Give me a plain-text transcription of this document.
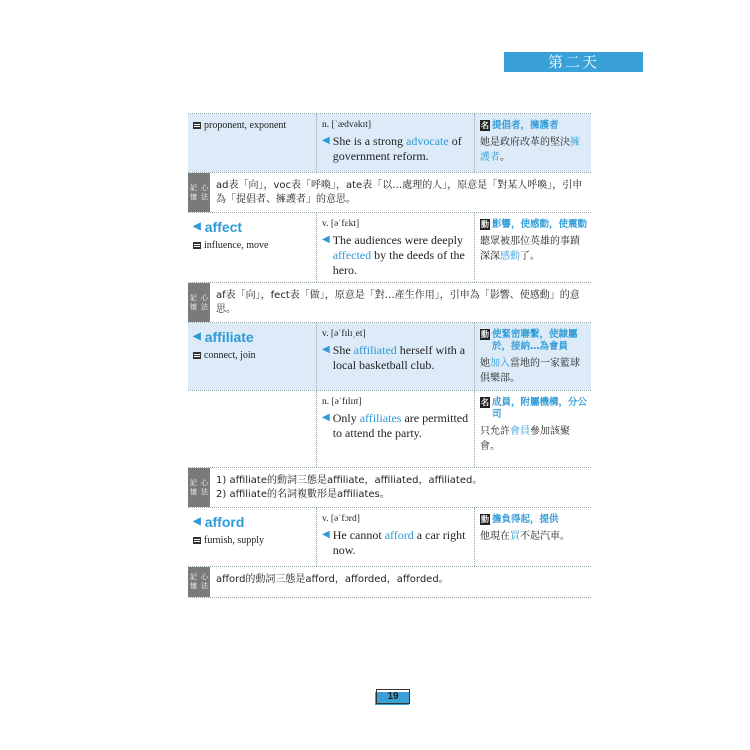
第二天
proponent, exponent	n. [ˈædvəkɪt]
◀ She is a strong advocate of government reform.
名 提倡者，擁護者
她是政府改革的堅決擁護者。
記憶

心法
ad表「向」，voc表「呼喚」，ate表「以…處理的人」，原意是「對某人呼喚」，引申為「提倡者、擁護者」的意思。
◀ affect
influence, move
v. [əˈfɛkt]
◀ The audiences were deeply affected by the deeds of the hero.
動 影響，使感動，使震動
聽眾被那位英雄的事蹟深深感動了。
記憶

心法
af表「向」，fect表「做」，原意是「對…產生作用」，引申為「影響、使感動」的意思。
◀ affiliate
connect, join
v. [əˈfɪlɪˌet]
◀ She affiliated herself with a local basketball club.
動 使緊密聯繫，使隸屬於，接納…為會員
她加入當地的一家籃球俱樂部。
n. [əˈfɪlɪɪt]
◀ Only affiliates are permitted to attend the party.
名 成員，附屬機構，分公司
只允許會員參加該聚會。
記憶

心法
1) affiliate的動詞三態是affiliate，affiliated，affiliated。
2) affiliate的名詞複數形是affiliates。
◀ afford
furnish, supply
v. [əˈfɔrd]
◀ He cannot afford a car right now.
動 擔負得起，提供
他現在買不起汽車。
記憶

心法
afford的動詞三態是afford，afforded，afforded。
19
